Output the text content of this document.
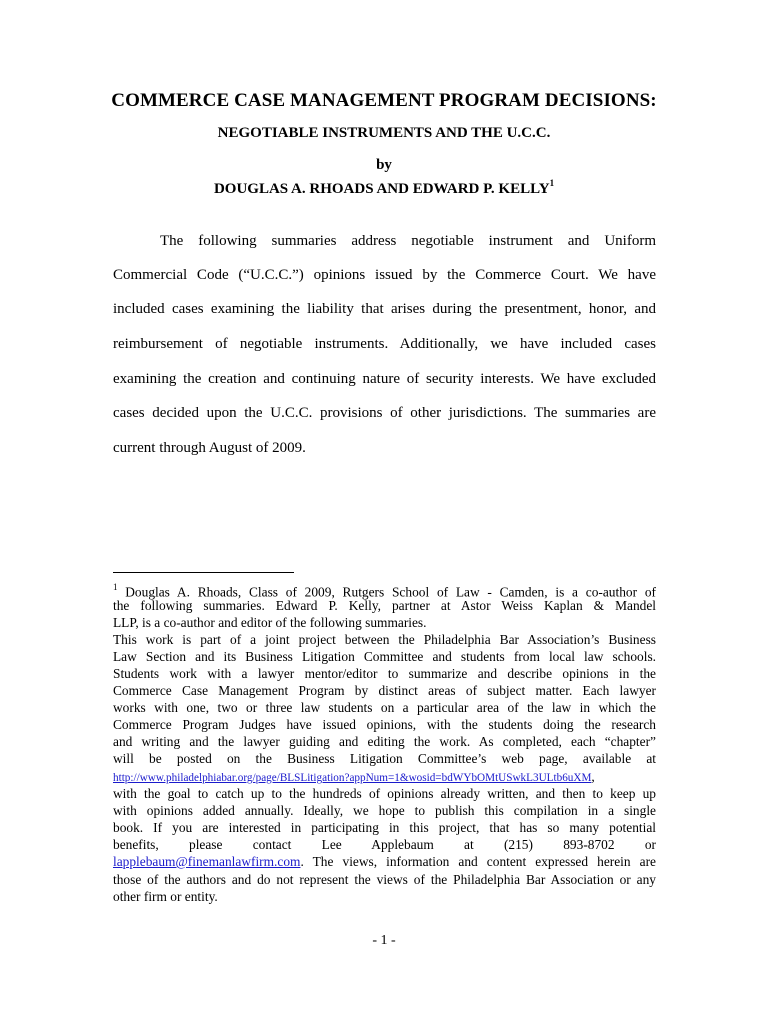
COMMERCE CASE MANAGEMENT PROGRAM DECISIONS:
NEGOTIABLE INSTRUMENTS AND THE U.C.C.
by
DOUGLAS A. RHOADS AND EDWARD P. KELLY$^1$
The following summaries address negotiable instrument and Uniform
Commercial Code (“U.C.C.”) opinions issued by the Commerce Court. We have
included cases examining the liability that arises during the presentment, honor, and
reimbursement of negotiable instruments. Additionally, we have included cases
examining the creation and continuing nature of security interests. We have excluded
cases decided upon the U.C.C. provisions of other jurisdictions. The summaries are
current through August of 2009.
$^1$ Douglas A. Rhoads, Class of 2009, Rutgers School of Law - Camden, is a co-author of
the following summaries. Edward P. Kelly, partner at Astor Weiss Kaplan & Mandel
LLP, is a co-author and editor of the following summaries.
This work is part of a joint project between the Philadelphia Bar Association’s Business
Law Section and its Business Litigation Committee and students from local law schools.
Students work with a lawyer mentor/editor to summarize and describe opinions in the
Commerce Case Management Program by distinct areas of subject matter. Each lawyer
works with one, two or three law students on a particular area of the law in which the
Commerce Program Judges have issued opinions, with the students doing the research
and writing and the lawyer guiding and editing the work. As completed, each “chapter”
will be posted on the Business Litigation Committee’s web page, available at
http://www.philadelphiabar.org/page/BLSLitigation?appNum=1&wosid=bdWYbOMtUSwkL3ULtb6uXM,
with the goal to catch up to the hundreds of opinions already written, and then to keep up
with opinions added annually. Ideally, we hope to publish this compilation in a single
book. If you are interested in participating in this project, that has so many potential
benefits, please contact Lee Applebaum at (215) 893-8702 or
lapplebaum@finemanlawfirm.com. The views, information and content expressed herein are
those of the authors and do not represent the views of the Philadelphia Bar Association or any
other firm or entity.
- 1 -
